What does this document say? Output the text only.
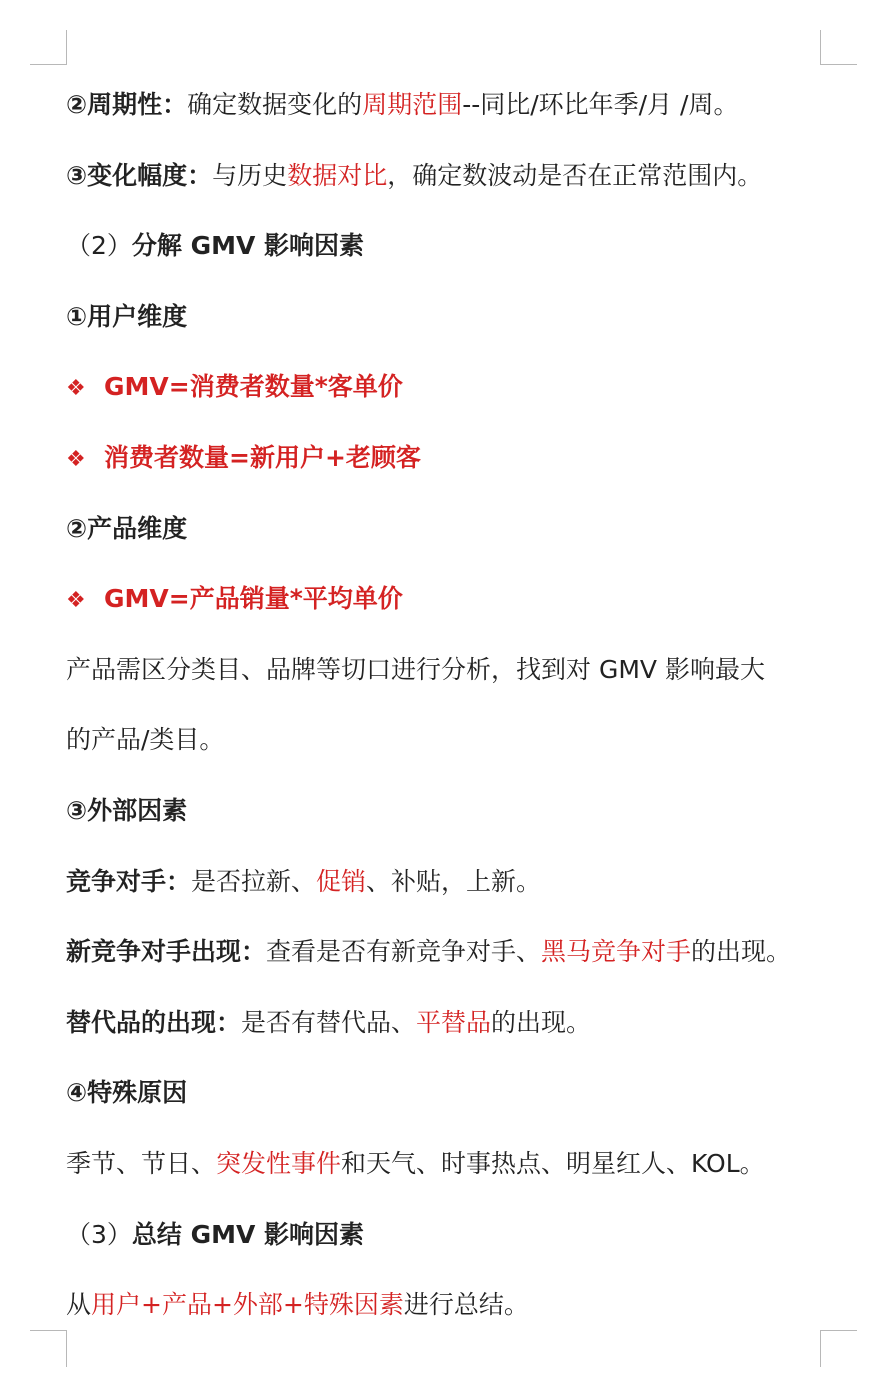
②周期性：确定数据变化的周期范围--同比/环比年季/月 /周。
③变化幅度：与历史数据对比，确定数波动是否在正常范围内。
（2）分解 GMV 影响因素
①用户维度
❖ GMV=消费者数量*客单价
❖ 消费者数量=新用户+老顾客
②产品维度
❖ GMV=产品销量*平均单价
产品需区分类目、品牌等切口进行分析，找到对 GMV 影响最大
的产品/类目。
③外部因素
竞争对手：是否拉新、促销、补贴，上新。
新竞争对手出现：查看是否有新竞争对手、黑马竞争对手的出现。
替代品的出现：是否有替代品、平替品的出现。
④特殊原因
季节、节日、突发性事件和天气、时事热点、明星红人、KOL。
（3）总结 GMV 影响因素
从用户+产品+外部+特殊因素进行总结。
